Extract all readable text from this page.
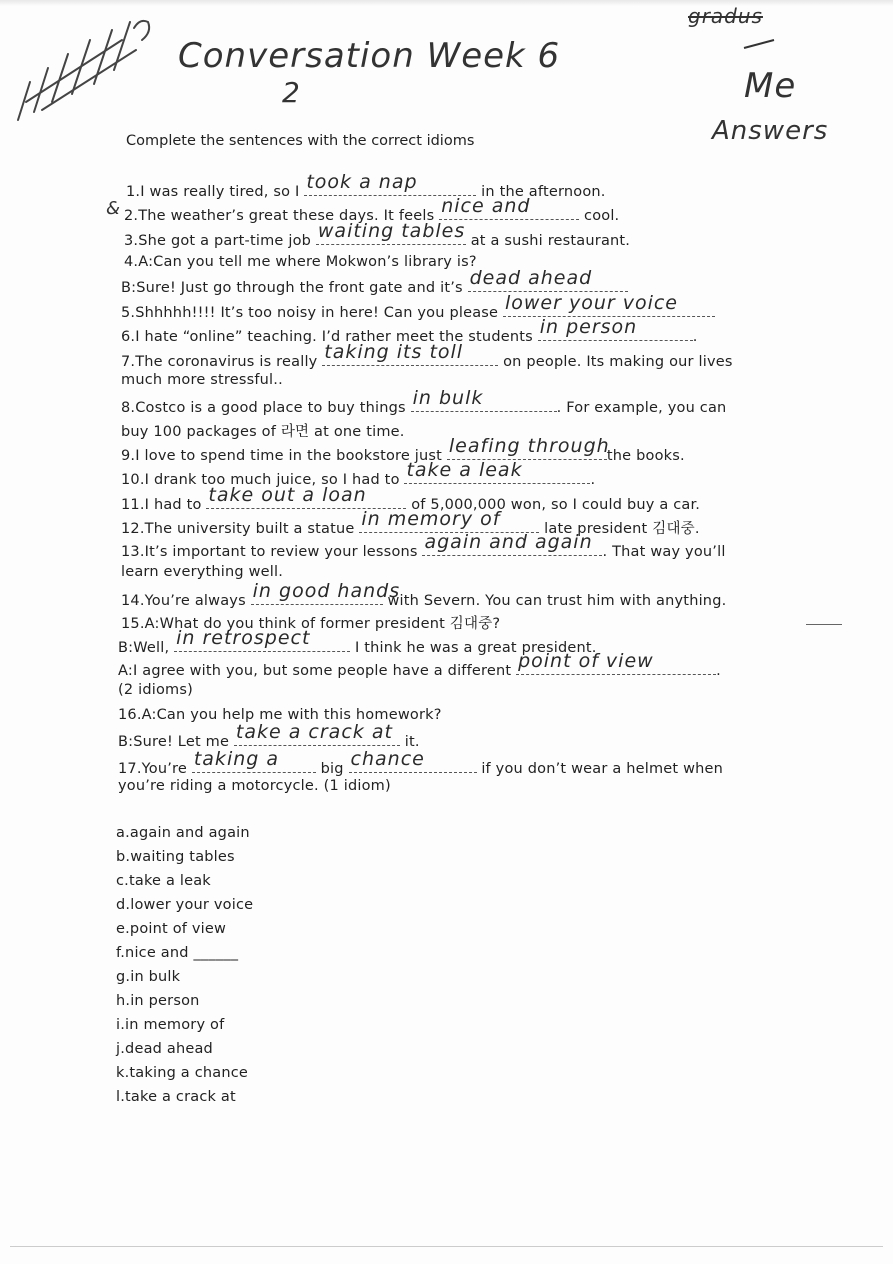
Conversation Week 6
2
gradus
Me
Answers
Complete the sentences with the correct idioms
1.I was really tired, so I took a nap	in the afternoon.
& 2.The weather’s great these days. It feels nice and	cool.
3.She got a part-time job waiting tables at a sushi restaurant.
4.A:Can you tell me where Mokwon’s library is?
B:Sure! Just go through the front gate and it’s dead ahead
5.Shhhhh!!!! It’s too noisy in here! Can you please lower your voice
6.I hate “online” teaching. I’d rather meet the students in person	.
7.The coronavirus is really taking its toll	on people. Its making our lives
much more stressful..
8.Costco is a good place to buy things in bulk	. For example, you can
buy 100 packages of 라면 at one time.
9.I love to spend time in the bookstore just leafing through
the books.
10.I drank too much juice, so I had to take a leak	.
11.I had to take out a loan	of 5,000,000 won, so I could buy a car.
12.The university built a statue in memory of	late president 김대중.
13.It’s important to review your lessons again and again . That way you’ll
learn everything well.
14.You’re always in good hands
with Severn. You can trust him with anything.
15.A:What do you think of former president 김대중?
B:Well, in retrospect	I think he was a great president.
A:I agree with you, but some people have a different point of view	.
(2 idioms)
16.A:Can you help me with this homework?
B:Sure! Let me take a crack at it.
17.You’re taking a	big chance	if you don’t wear a helmet when
you’re riding a motorcycle. (1 idiom)
a.again and again
b.waiting tables
c.take a leak
d.lower your voice
e.point of view
f.nice and ______
g.in bulk
h.in person
i.in memory of
j.dead ahead
k.taking a chance
l.take a crack at
